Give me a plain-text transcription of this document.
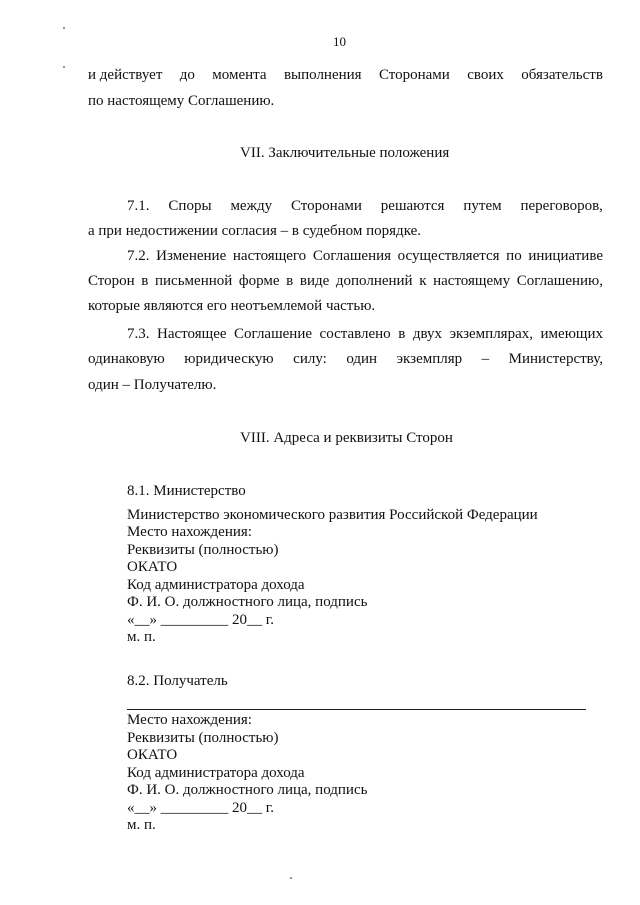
10
и действует до момента выполнения Сторонами своих обязательств
по настоящему Соглашению.
VII. Заключительные положения
7.1. Споры между Сторонами решаются путем переговоров,
а при недостижении согласия – в судебном порядке.
7.2. Изменение настоящего Соглашения осуществляется по инициативе
Сторон в письменной форме в виде дополнений к настоящему Соглашению,
которые являются его неотъемлемой частью.
7.3. Настоящее Соглашение составлено в двух экземплярах, имеющих
одинаковую юридическую силу: один экземпляр – Министерству,
один – Получателю.
VIII. Адреса и реквизиты Сторон
8.1. Министерство
Министерство экономического развития Российской Федерации
Место нахождения:
Реквизиты (полностью)
ОКАТО
Код администратора дохода
Ф. И. О. должностного лица, подпись
«__» _________ 20__ г.
м. п.
8.2. Получатель
Место нахождения:
Реквизиты (полностью)
ОКАТО
Код администратора дохода
Ф. И. О. должностного лица, подпись
«__» _________ 20__ г.
м. п.
